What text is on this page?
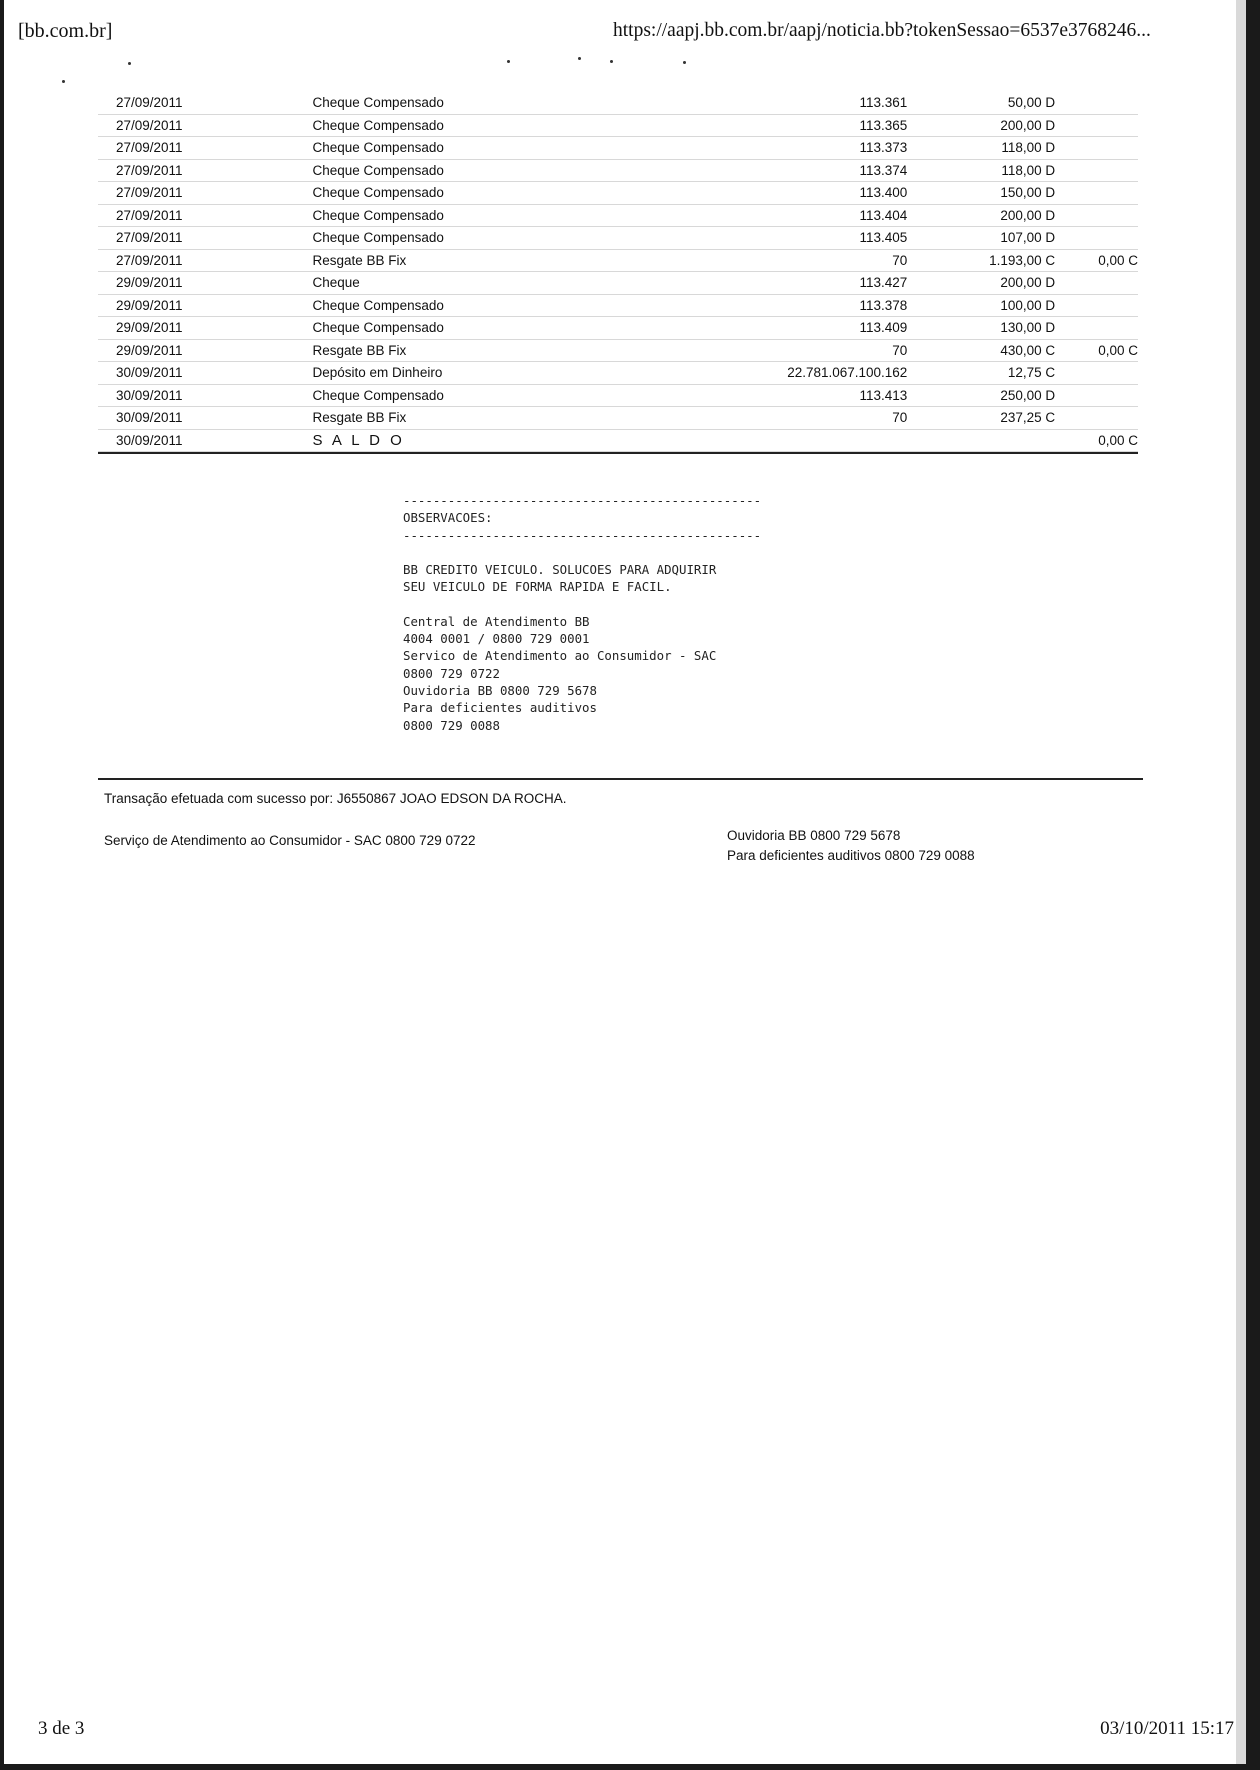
[bb.com.br]	https://aapj.bb.com.br/aapj/noticia.bb?tokenSessao=6537e3768246...
27/09/2011	Cheque Compensado	113.361	50,00 D	
27/09/2011	Cheque Compensado	113.365	200,00 D	
27/09/2011	Cheque Compensado	113.373	118,00 D	
27/09/2011	Cheque Compensado	113.374	118,00 D	
27/09/2011	Cheque Compensado	113.400	150,00 D	
27/09/2011	Cheque Compensado	113.404	200,00 D	
27/09/2011	Cheque Compensado	113.405	107,00 D	
27/09/2011	Resgate BB Fix	70	1.193,00 C	0,00 C
29/09/2011	Cheque	113.427	200,00 D	
29/09/2011	Cheque Compensado	113.378	100,00 D	
29/09/2011	Cheque Compensado	113.409	130,00 D	
29/09/2011	Resgate BB Fix	70	430,00 C	0,00 C
30/09/2011	Depósito em Dinheiro	22.781.067.100.162	12,75 C	
30/09/2011	Cheque Compensado	113.413	250,00 D	
30/09/2011	Resgate BB Fix	70	237,25 C	
30/09/2011	S A L D O			0,00 C
------------------------------------------------
OBSERVACOES:
------------------------------------------------
BB CREDITO VEICULO. SOLUCOES PARA ADQUIRIR
SEU VEICULO DE FORMA RAPIDA E FACIL.
Central de Atendimento BB
4004 0001 / 0800 729 0001
Servico de Atendimento ao Consumidor - SAC
0800 729 0722
Ouvidoria BB 0800 729 5678
Para deficientes auditivos
0800 729 0088
Transação efetuada com sucesso por: J6550867 JOAO EDSON DA ROCHA.
Serviço de Atendimento ao Consumidor - SAC 0800 729 0722	Ouvidoria BB 0800 729 5678
Para deficientes auditivos 0800 729 0088
3 de 3	03/10/2011 15:17
